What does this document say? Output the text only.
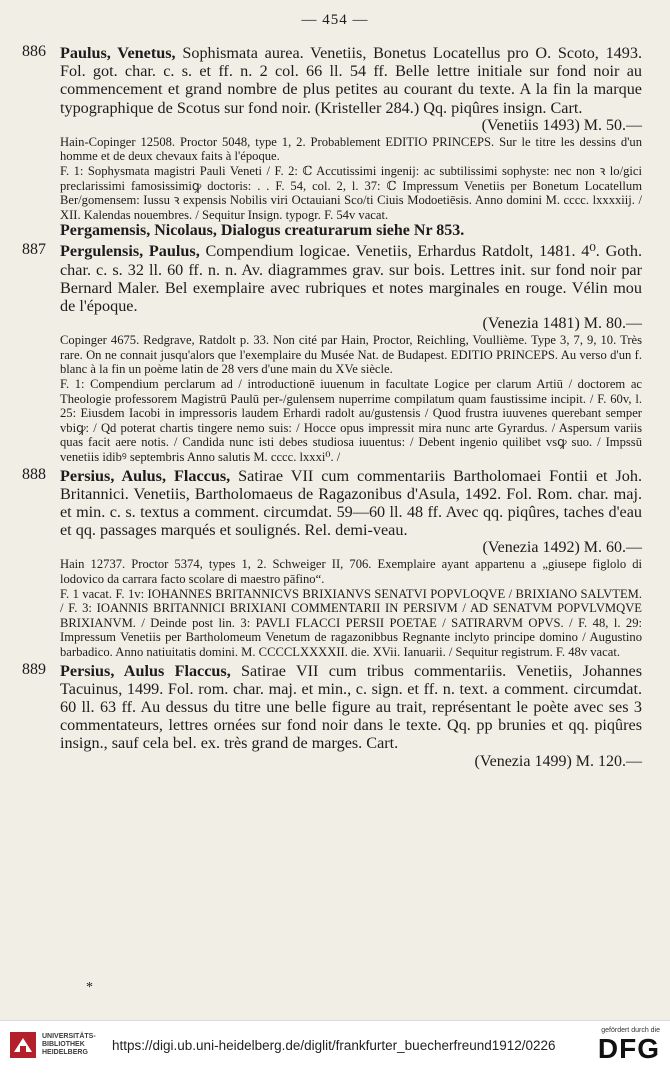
— 454 —
886 Paulus, Venetus, Sophismata aurea. Venetiis, Bonetus Locatellus pro O. Scoto, 1493. Fol. got. char. c. s. et ff. n. 2 col. 66 ll. 54 ff. Belle lettre initiale sur fond noir au commencement et grand nombre de plus petites au courant du texte. A la fin la marque typographique de Scotus sur fond noir. (Kristeller 284.) Qq. piqûres insign. Cart.
(Venetiis 1493) M. 50.—
Hain-Copinger 12508. Proctor 5048, type 1, 2. Probablement EDITIO PRINCEPS. Sur le titre les dessins d'un homme et de deux chevaux faits à l'époque.
F. 1: Sophysmata magistri Pauli Veneti / F. 2: ℂ Accutissimi ingenij: ac subtilissimi sophyste: nec non ꝛ lo/gici preclarissimi famosissimiꝙ doctoris: . . F. 54, col. 2, l. 37: ℂ Impressum Venetiis per Bonetum Locatellum Ber/gomensem: Iussu ꝛ expensis Nobilis viri Octauiani Sco/ti Ciuis Modoetiēsis. Anno domini M. cccc. lxxxxiij. / XII. Kalendas nouembres. / Sequitur Insign. typogr. F. 54v vacat.
Pergamensis, Nicolaus, Dialogus creaturarum siehe Nr 853.
887 Pergulensis, Paulus, Compendium logicae. Venetiis, Erhardus Ratdolt, 1481. 4⁰. Goth. char. c. s. 32 ll. 60 ff. n. n. Av. diagrammes grav. sur bois. Lettres init. sur fond noir par Bernard Maler. Bel exemplaire avec rubriques et notes marginales en rouge. Vélin mou de l'époque.
(Venezia 1481) M. 80.—
Copinger 4675. Redgrave, Ratdolt p. 33. Non cité par Hain, Proctor, Reichling, Voullième. Type 3, 7, 9, 10. Très rare. On ne connait jusqu'alors que l'exemplaire du Musée Nat. de Budapest. EDITIO PRINCEPS. Au verso d'un f. blanc à la fin un poème latin de 28 vers d'une main du XVe siècle.
F. 1: Compendium perclarum ad / introductionē iuuenum in facultate Logice per clarum Artiū / doctorem ac Theologie professorem Magistrū Paulū per-/gulensem nuperrime compilatum quam faustissime incipit. / F. 60v, l. 25: Eiusdem Iacobi in impressoris laudem Erhardi radolt au/gustensis / Quod frustra iuuvenes querebant semper vbiꝙ: / Qd poterat chartis tingere nemo suis: / Hocce opus impressit mira nunc arte Gyrardus. / Aspersum variis quas facit aere notis. / Candida nunc isti debes studiosa iuuentus: / Debent ingenio quilibet vsꝙ suo. / Impssū venetiis idibꝰ septembris Anno salutis M. cccc. lxxxi⁰. /
888 Persius, Aulus, Flaccus, Satirae VII cum commentariis Bartholomaei Fontii et Joh. Britannici. Venetiis, Bartholomaeus de Ragazonibus d'Asula, 1492. Fol. Rom. char. maj. et min. c. s. textus a comment. circumdat. 59—60 ll. 48 ff. Avec qq. piqûres, taches d'eau et qq. passages marqués et soulignés. Rel. demi-veau.
(Venezia 1492) M. 60.—
Hain 12737. Proctor 5374, types 1, 2. Schweiger II, 706. Exemplaire ayant appartenu a „giusepe figlolo di lodovico da carrara facto scolare di maestro pāfino“.
F. 1 vacat. F. 1v: IOHANNES BRITANNICVS BRIXIANVS SENATVI POPVLOQVE / BRIXIANO SALVTEM. / F. 3: IOANNIS BRITANNICI BRIXIANI COMMENTARII IN PERSIVM / AD SENATVM POPVLVMQVE BRIXIANVM. / Deinde post lin. 3: PAVLI FLACCI PERSII POETAE / SATIRARVM OPVS. / F. 48, l. 29: Impressum Venetiis per Bartholomeum Venetum de ragazonibbus Regnante inclyto principe domino / Augustino barbadico. Anno natiuitatis domini. M. CCCCLXXXXII. die. XVii. Ianuarii. / Sequitur registrum. F. 48v vacat.
889 Persius, Aulus Flaccus, Satirae VII cum tribus commentariis. Venetiis, Johannes Tacuinus, 1499. Fol. rom. char. maj. et min., c. sign. et ff. n. text. a comment. circumdat. 60 ll. 63 ff. Au dessus du titre une belle figure au trait, représentant le poète avec ses 3 commentateurs, lettres ornées sur fond noir dans le texte. Qq. pp brunies et qq. piqûres insign., sauf cela bel. ex. très grand de marges. Cart.
(Venezia 1499) M. 120.—
*
UNIVERSITÄTS-
BIBLIOTHEK
HEIDELBERG	https://digi.ub.uni-heidelberg.de/diglit/frankfurter_buecherfreund1912/0226
gefördert durch die
DFG
